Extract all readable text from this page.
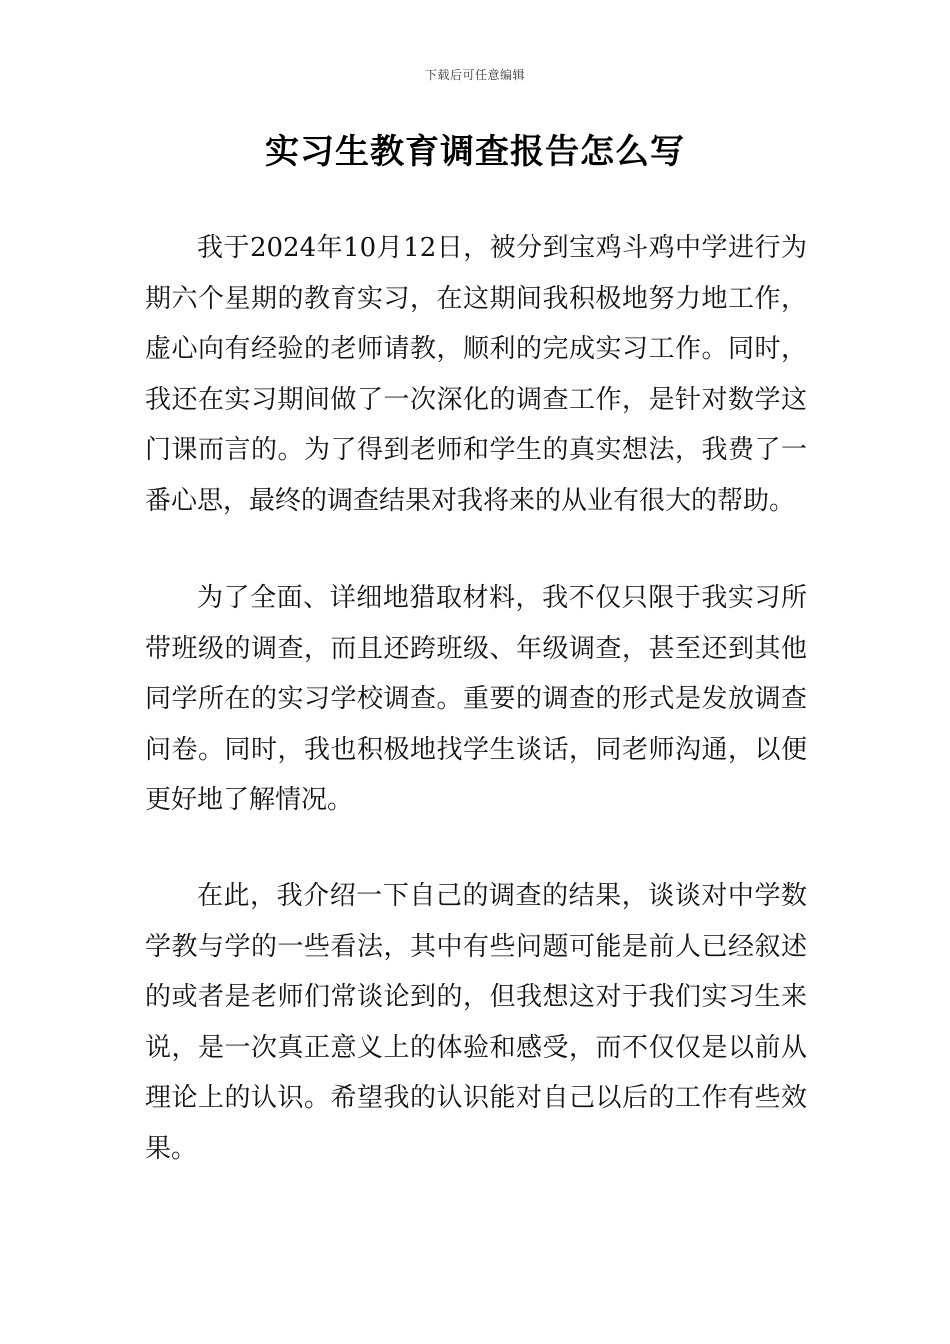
下载后可任意编辑
实习生教育调查报告怎么写

我于2024年10月12日，被分到宝鸡斗鸡中学进行为期六个星期的教育实习，在这期间我积极地努力地工作，虚心向有经验的老师请教，顺利的完成实习工作。同时，我还在实习期间做了一次深化的调查工作，是针对数学这门课而言的。为了得到老师和学生的真实想法，我费了一番心思，最终的调查结果对我将来的从业有很大的帮助。

为了全面、详细地猎取材料，我不仅只限于我实习所带班级的调查，而且还跨班级、年级调查，甚至还到其他同学所在的实习学校调查。重要的调查的形式是发放调查问卷。同时，我也积极地找学生谈话，同老师沟通，以便更好地了解情况。

在此，我介绍一下自己的调查的结果，谈谈对中学数学教与学的一些看法，其中有些问题可能是前人已经叙述的或者是老师们常谈论到的，但我想这对于我们实习生来说，是一次真正意义上的体验和感受，而不仅仅是以前从理论上的认识。希望我的认识能对自己以后的工作有些效果。
